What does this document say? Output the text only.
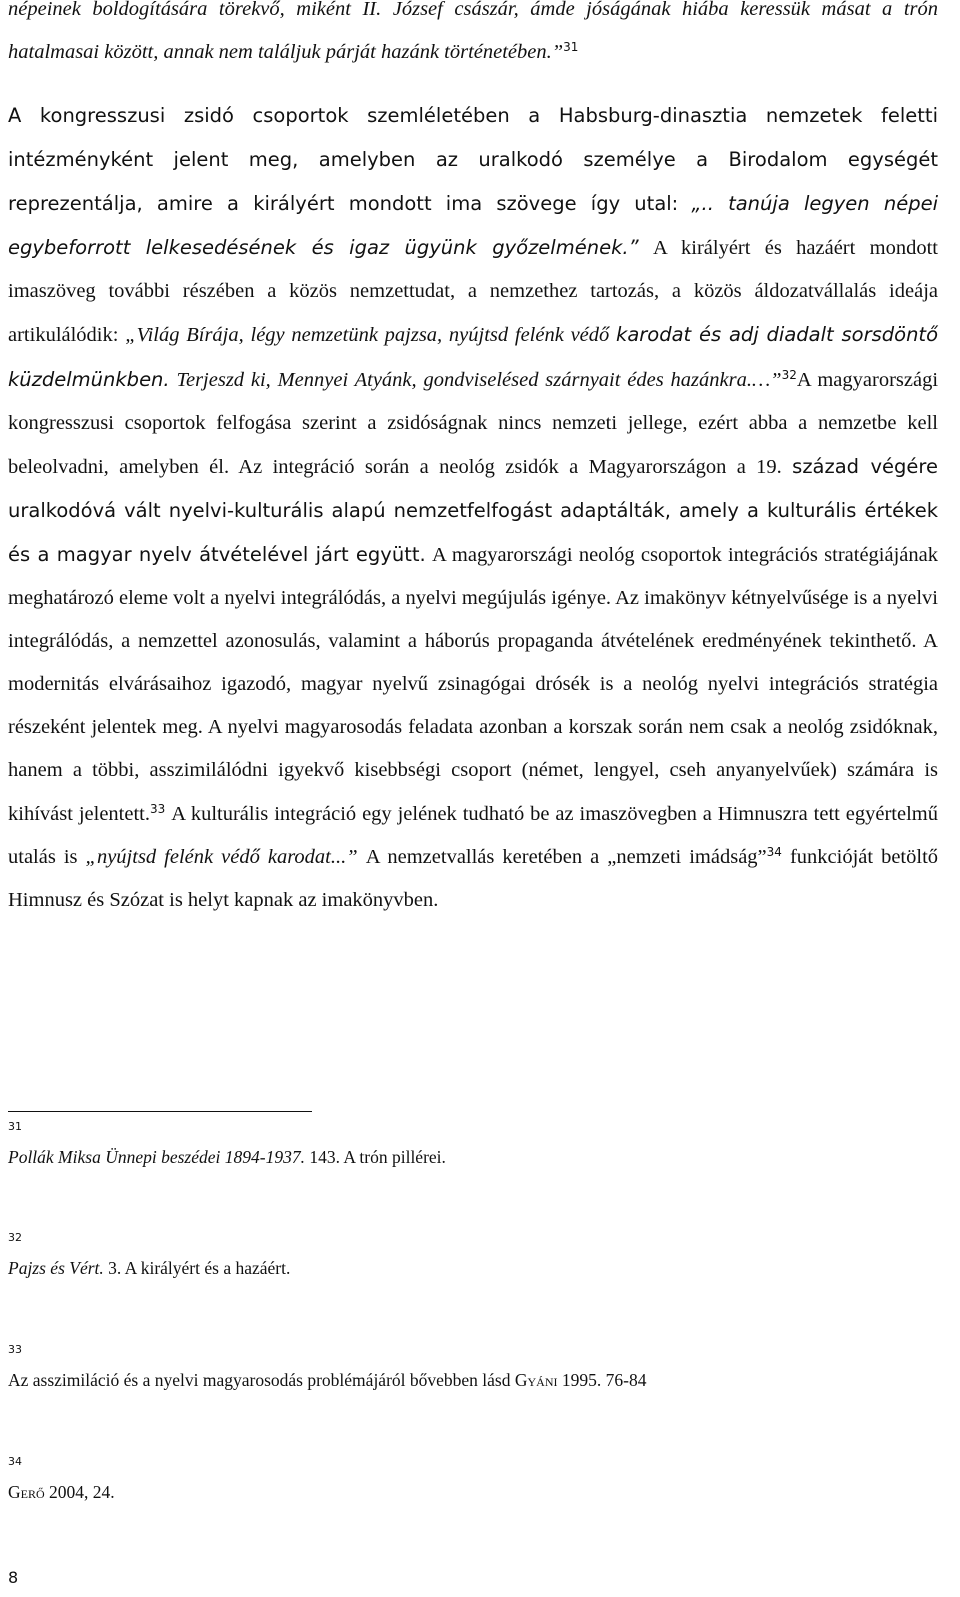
népeinek boldogítására törekvő, miként II. József császár, ámde jóságának hiába keressük másat a trón hatalmasai között, annak nem találjuk párját hazánk történetében.”$^{31}$

A kongresszusi zsidó csoportok szemléletében a Habsburg-dinasztia nemzetek feletti intézményként jelent meg, amelyben az uralkodó személye a Birodalom egységét reprezentálja, amire a királyért mondott ima szövege így utal: „.. tanúja legyen népei egybeforrott lelkesedésének és igaz ügyünk győzelmének.” A királyért és hazáért mondott imaszöveg további részében a közös nemzettudat, a nemzethez tartozás, a közös áldozatvállalás ideája artikulálódik: „Világ Bírája, légy nemzetünk pajzsa, nyújtsd felénk védő karodat és adj diadalt sorsdöntő küzdelmünkben. Terjeszd ki, Mennyei Atyánk, gondviselésed szárnyait édes hazánkra.…”$^{32}$A magyarországi kongresszusi csoportok felfogása szerint a zsidóságnak nincs nemzeti jellege, ezért abba a nemzetbe kell beleolvadni, amelyben él. Az integráció során a neológ zsidók a Magyarországon a 19. század végére uralkodóvá vált nyelvi-kulturális alapú nemzetfelfogást adaptálták, amely a kulturális értékek és a magyar nyelv átvételével járt együtt. A magyarországi neológ csoportok integrációs stratégiájának meghatározó eleme volt a nyelvi integrálódás, a nyelvi megújulás igénye. Az imakönyv kétnyelvűsége is a nyelvi integrálódás, a nemzettel azonosulás, valamint a háborús propaganda átvételének eredményének tekinthető. A modernitás elvárásaihoz igazodó, magyar nyelvű zsinagógai drósék is a neológ nyelvi integrációs stratégia részeként jelentek meg. A nyelvi magyarosodás feladata azonban a korszak során nem csak a neológ zsidóknak, hanem a többi, asszimilálódni igyekvő kisebbségi csoport (német, lengyel, cseh anyanyelvűek) számára is kihívást jelentett.$^{33}$ A kulturális integráció egy jelének tudható be az imaszövegben a Himnuszra tett egyértelmű utalás is „nyújtsd felénk védő karodat...” A nemzetvallás keretében a „nemzeti imádság”$^{34}$ funkcióját betöltő Himnusz és Szózat is helyt kapnak az imakönyvben.

31
Pollák Miksa Ünnepi beszédei 1894-1937. 143. A trón pillérei.
32
Pajzs és Vért. 3. A királyért és a hazáért.
33
Az asszimiláció és a nyelvi magyarosodás problémájáról bővebben lásd Gyáni 1995. 76-84
34
Gerő 2004, 24.
8
